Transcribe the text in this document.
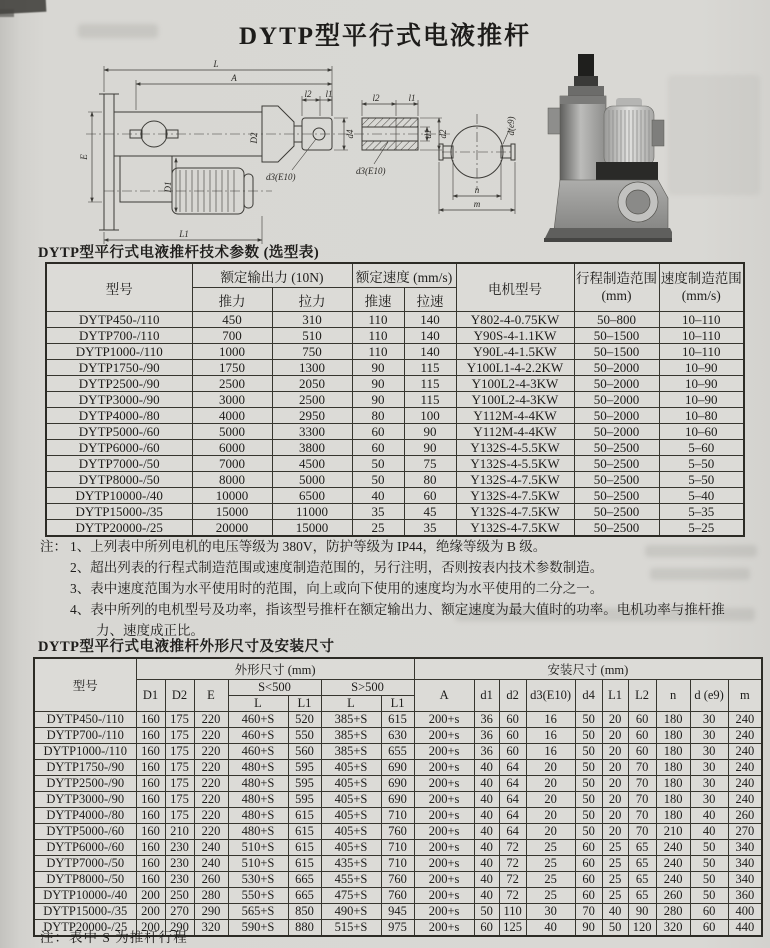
DYTP型平行式电液推杆
L
A
l2 l1
D2	d4
E
D1
L1
d3(E10)
l2	l1
d1 d2
d3(E10)
d(e9)
n
m
DYTP型平行式电液推杆技术参数 (选型表)
型号	额定输出力 (10N)	额定速度 (mm/s)	电机型号	
行程制造范围
(mm)

速度制造范围
(mm/s)

	推力	拉力	推速	拉速			
DYTP450-/110	450	310	110	140	Y802-4-0.75KW	50–800	10–110
DYTP700-/110	700	510	110	140	Y90S-4-1.1KW	50–1500	10–110
DYTP1000-/110	1000	750	110	140	Y90L-4-1.5KW	50–1500	10–110
DYTP1750-/90	1750	1300	90	115	Y100L1-4-2.2KW	50–2000	10–90
DYTP2500-/90	2500	2050	90	115	Y100L2-4-3KW	50–2000	10–90
DYTP3000-/90	3000	2500	90	115	Y100L2-4-3KW	50–2000	10–90
DYTP4000-/80	4000	2950	80	100	Y112M-4-4KW	50–2000	10–80
DYTP5000-/60	5000	3300	60	90	Y112M-4-4KW	50–2000	10–60
DYTP6000-/60	6000	3800	60	90	Y132S-4-5.5KW	50–2500	5–60
DYTP7000-/50	7000	4500	50	75	Y132S-4-5.5KW	50–2500	5–50
DYTP8000-/50	8000	5000	50	80	Y132S-4-7.5KW	50–2500	5–50
DYTP10000-/40	10000	6500	40	60	Y132S-4-7.5KW	50–2500	5–40
DYTP15000-/35	15000	11000	35	45	Y132S-4-7.5KW	50–2500	5–35
DYTP20000-/25	20000	15000	25	35	Y132S-4-7.5KW	50–2500	5–25
注： 1、上列表中所列电机的电压等级为 380V，防护等级为 IP44，绝缘等级为 B 级。
2、超出列表的行程式制造范围或速度制造范围的，另行注明，否则按表内技术参数制造。
3、表中速度范围为水平使用时的范围，向上或向下使用的速度均为水平使用的二分之一。
4、表中所列的电机型号及功率，指该型号推杆在额定输出力、额定速度为最大值时的功率。电机功率与推杆推力、速度成正比。
DYTP型平行式电液推杆外形尺寸及安装尺寸
型号	外形尺寸 (mm)							安装尺寸 (mm)									
	D1	D2	E	S<500		S>500		A	d1	d2	d3(E10)	d4	L1	L2	n	d (e9)	m
				L	L1	L	L1										
DYTP450-/110	160	175	220	460+S	520	385+S	615	200+s	36	60	16	50	20	60	180	30	240
DYTP700-/110	160	175	220	460+S	550	385+S	630	200+s	36	60	16	50	20	60	180	30	240
DYTP1000-/110	160	175	220	460+S	560	385+S	655	200+s	36	60	16	50	20	60	180	30	240
DYTP1750-/90	160	175	220	480+S	595	405+S	690	200+s	40	64	20	50	20	70	180	30	240
DYTP2500-/90	160	175	220	480+S	595	405+S	690	200+s	40	64	20	50	20	70	180	30	240
DYTP3000-/90	160	175	220	480+S	595	405+S	690	200+s	40	64	20	50	20	70	180	30	240
DYTP4000-/80	160	175	220	480+S	615	405+S	710	200+s	40	64	20	50	20	70	180	40	260
DYTP5000-/60	160	210	220	480+S	615	405+S	760	200+s	40	64	20	50	20	70	210	40	270
DYTP6000-/60	160	230	240	510+S	615	405+S	710	200+s	40	72	25	60	25	65	240	50	340
DYTP7000-/50	160	230	240	510+S	615	435+S	710	200+s	40	72	25	60	25	65	240	50	340
DYTP8000-/50	160	230	260	530+S	665	455+S	760	200+s	40	72	25	60	25	65	240	50	340
DYTP10000-/40	200	250	280	550+S	665	475+S	760	200+s	40	72	25	60	25	65	260	50	360
DYTP15000-/35	200	270	290	565+S	850	490+S	945	200+s	50	110	30	70	40	90	280	60	400
DYTP20000-/25	200	290	320	590+S	880	515+S	975	200+s	60	125	40	90	50	120	320	60	440
注：表中 S 为推杆行程
